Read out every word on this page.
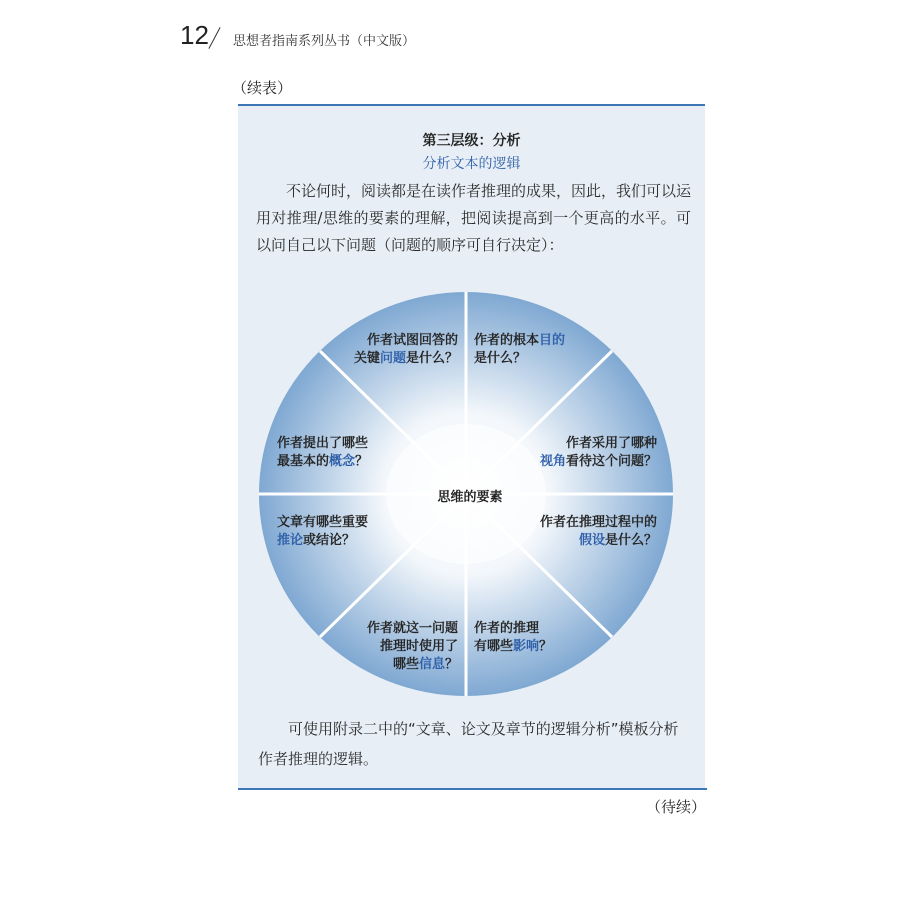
12 思想者指南系列丛书（中文版）
（续表）
第三层级：分析
分析文本的逻辑
不论何时，阅读都是在读作者推理的成果，因此，我们可以运用对推理/思维的要素的理解，把阅读提高到一个更高的水平。可以问自己以下问题（问题的顺序可自行决定）：
思维的要素
作者试图回答的
关键问题是什么？
作者的根本目的
是什么？
作者采用了哪种
视角看待这个问题？
作者在推理过程中的
假设是什么？
作者的推理
有哪些影响？
作者就这一问题
推理时使用了
哪些信息？
文章有哪些重要
推论或结论？
作者提出了哪些
最基本的概念？
可使用附录二中的“文章、论文及章节的逻辑分析”模板分析作者推理的逻辑。
（待续）
